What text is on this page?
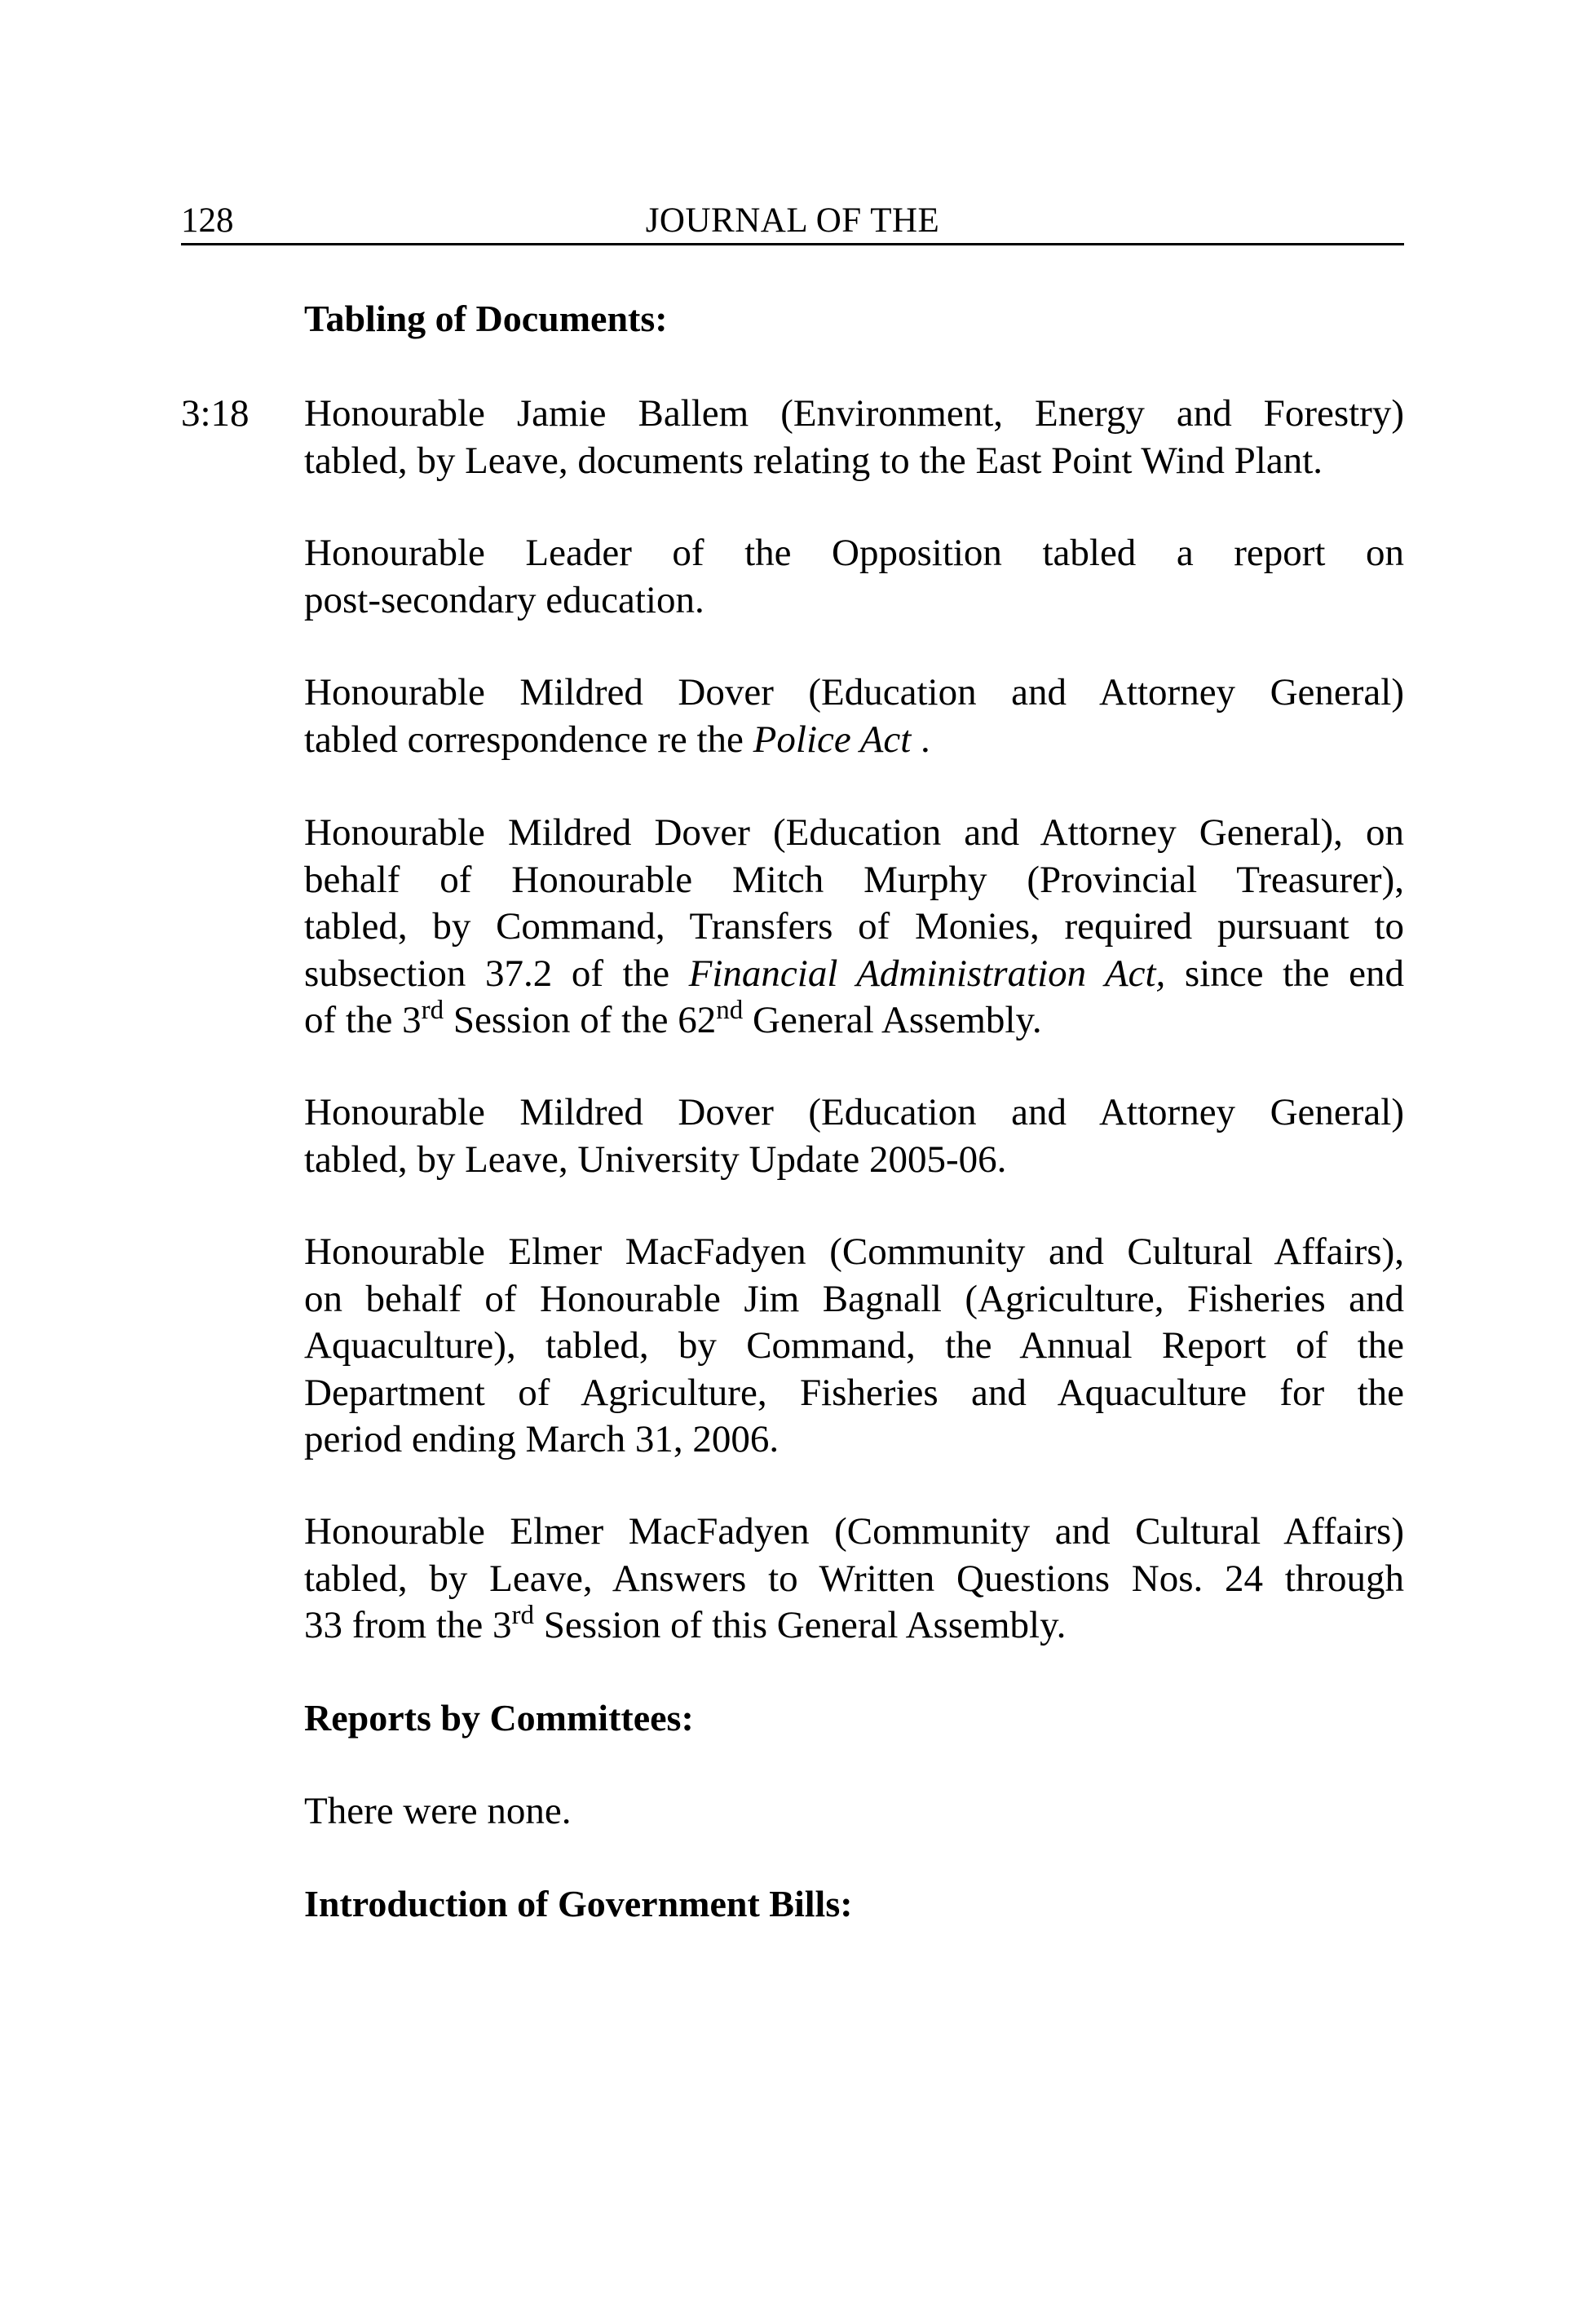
128	JOURNAL OF THE
Tabling of Documents:
3:18 Honourable Jamie Ballem (Environment, Energy and Forestry)
tabled, by Leave, documents relating to the East Point Wind Plant.
Honourable Leader of the Opposition tabled a report on
post-secondary education.
Honourable Mildred Dover (Education and Attorney General)
tabled correspondence re the Police Act .
Honourable Mildred Dover (Education and Attorney General), on
behalf of Honourable Mitch Murphy (Provincial Treasurer),
tabled, by Command, Transfers of Monies, required pursuant to
subsection 37.2 of the Financial Administration Act, since the end
of the 3rd Session of the 62nd General Assembly.
Honourable Mildred Dover (Education and Attorney General)
tabled, by Leave, University Update 2005-06.
Honourable Elmer MacFadyen (Community and Cultural Affairs),
on behalf of Honourable Jim Bagnall (Agriculture, Fisheries and
Aquaculture), tabled, by Command, the Annual Report of the
Department of Agriculture, Fisheries and Aquaculture for the
period ending March 31, 2006.
Honourable Elmer MacFadyen (Community and Cultural Affairs)
tabled, by Leave, Answers to Written Questions Nos. 24 through
33 from the 3rd Session of this General Assembly.
Reports by Committees:
There were none.
Introduction of Government Bills:
